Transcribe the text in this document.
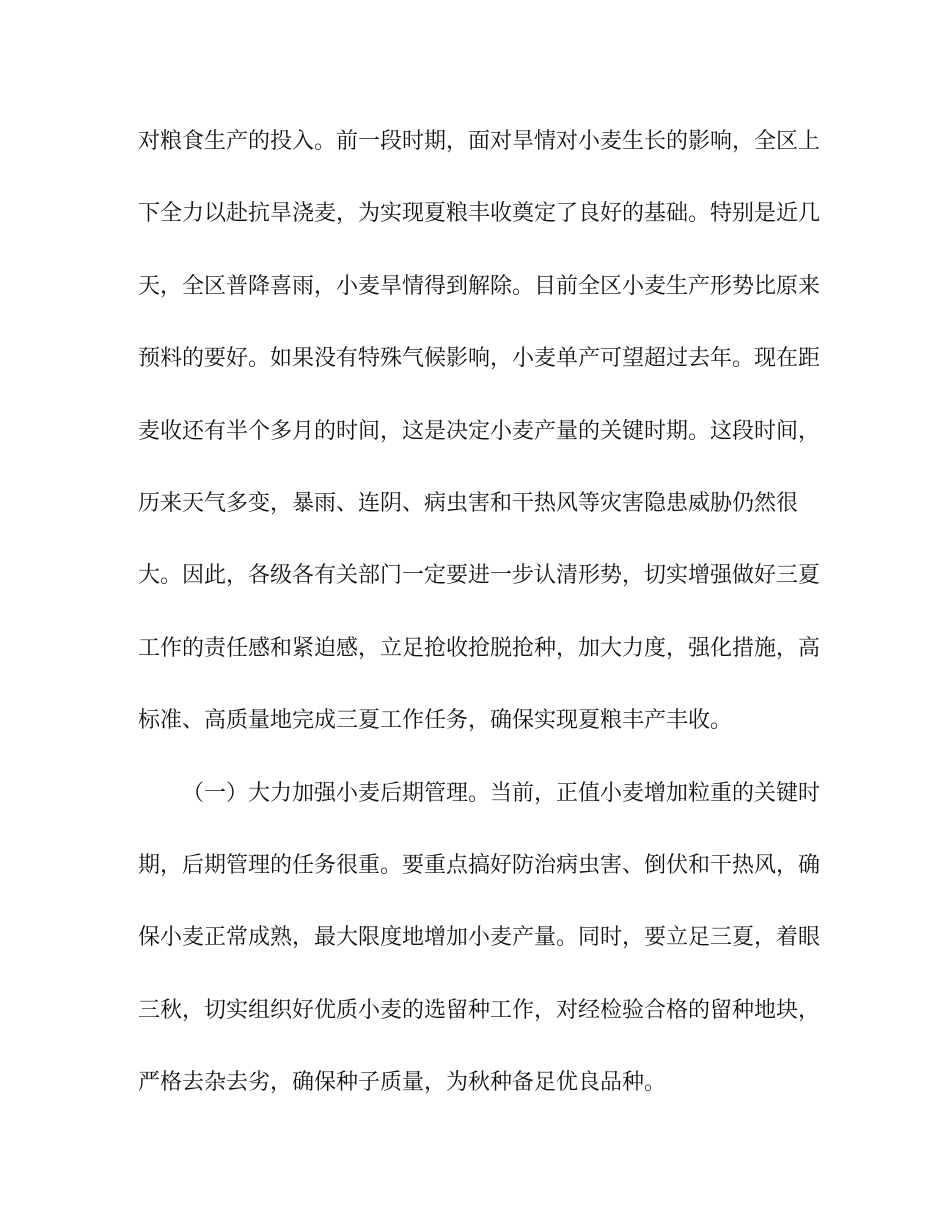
对粮食生产的投入。前一段时期，面对旱情对小麦生长的影响，全区上
下全力以赴抗旱浇麦，为实现夏粮丰收奠定了良好的基础。特别是近几
天，全区普降喜雨，小麦旱情得到解除。目前全区小麦生产形势比原来
预料的要好。如果没有特殊气候影响，小麦单产可望超过去年。现在距
麦收还有半个多月的时间，这是决定小麦产量的关键时期。这段时间，
历来天气多变，暴雨、连阴、病虫害和干热风等灾害隐患威胁仍然很
大。因此，各级各有关部门一定要进一步认清形势，切实增强做好三夏
工作的责任感和紧迫感，立足抢收抢脱抢种，加大力度，强化措施，高
标准、高质量地完成三夏工作任务，确保实现夏粮丰产丰收。
（一）大力加强小麦后期管理。当前，正值小麦增加粒重的关键时
期，后期管理的任务很重。要重点搞好防治病虫害、倒伏和干热风，确
保小麦正常成熟，最大限度地增加小麦产量。同时，要立足三夏，着眼
三秋，切实组织好优质小麦的选留种工作，对经检验合格的留种地块，
严格去杂去劣，确保种子质量，为秋种备足优良品种。
